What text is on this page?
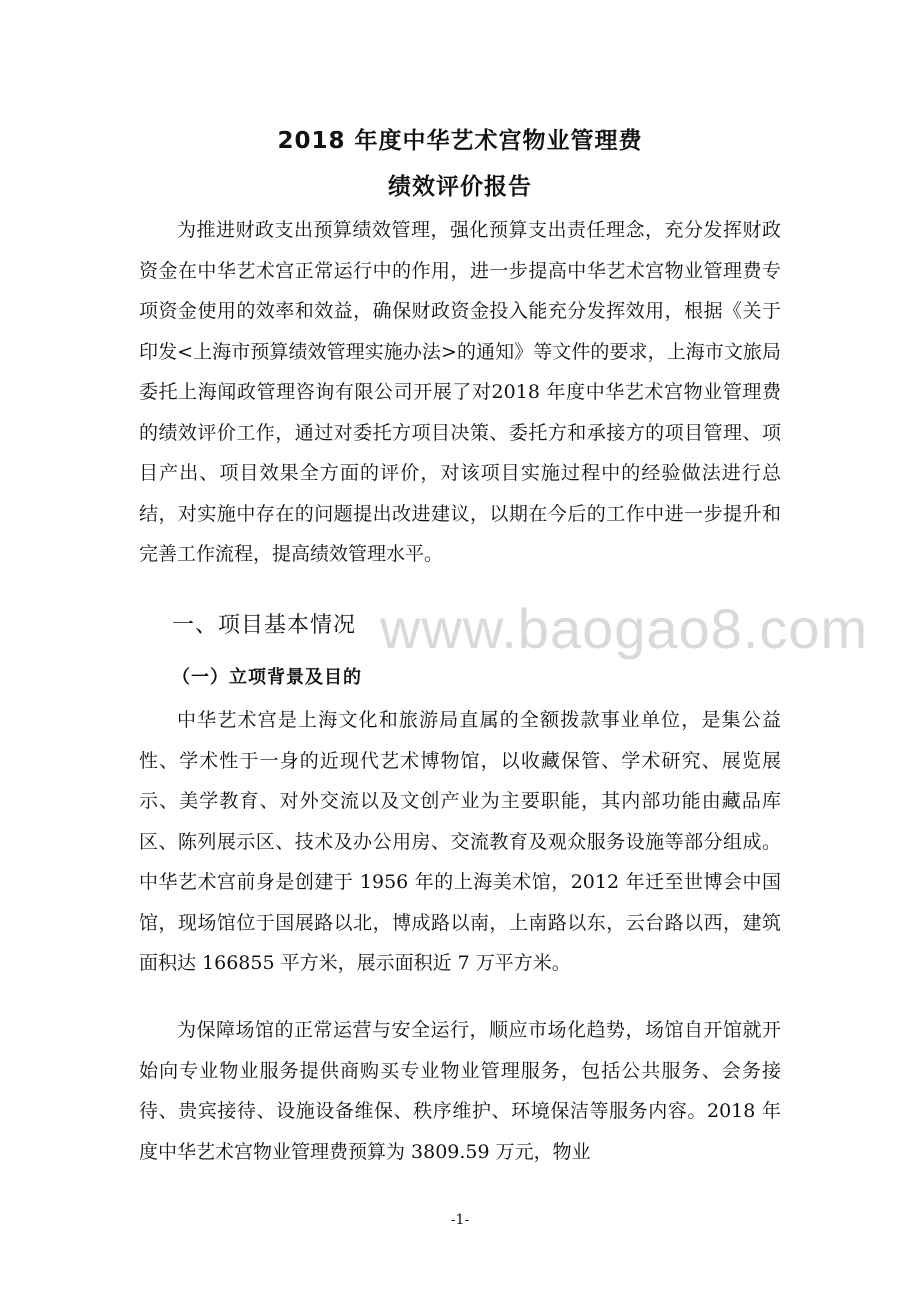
2018 年度中华艺术宫物业管理费
绩效评价报告

为推进财政支出预算绩效管理，强化预算支出责任理念，充分发挥财政资金在中华艺术宫正常运行中的作用，进一步提高中华艺术宫物业管理费专项资金使用的效率和效益，确保财政资金投入能充分发挥效用，根据《关于印发<上海市预算绩效管理实施办法>的通知》等文件的要求，上海市文旅局委托上海闻政管理咨询有限公司开展了对2018 年度中华艺术宫物业管理费的绩效评价工作，通过对委托方项目决策、委托方和承接方的项目管理、项目产出、项目效果全方面的评价，对该项目实施过程中的经验做法进行总结，对实施中存在的问题提出改进建议，以期在今后的工作中进一步提升和完善工作流程，提高绩效管理水平。

一、项目基本情况 www.baogao8.com
（一）立项背景及目的

中华艺术宫是上海文化和旅游局直属的全额拨款事业单位，是集公益性、学术性于一身的近现代艺术博物馆，以收藏保管、学术研究、展览展示、美学教育、对外交流以及文创产业为主要职能，其内部功能由藏品库区、陈列展示区、技术及办公用房、交流教育及观众服务设施等部分组成。中华艺术宫前身是创建于 1956 年的上海美术馆，2012 年迁至世博会中国馆，现场馆位于国展路以北，博成路以南，上南路以东，云台路以西，建筑面积达 166855 平方米，展示面积近 7 万平方米。

为保障场馆的正常运营与安全运行，顺应市场化趋势，场馆自开馆就开始向专业物业服务提供商购买专业物业管理服务，包括公共服务、会务接待、贵宾接待、设施设备维保、秩序维护、环境保洁等服务内容。2018 年度中华艺术宫物业管理费预算为 3809.59 万元，物业

-1-
